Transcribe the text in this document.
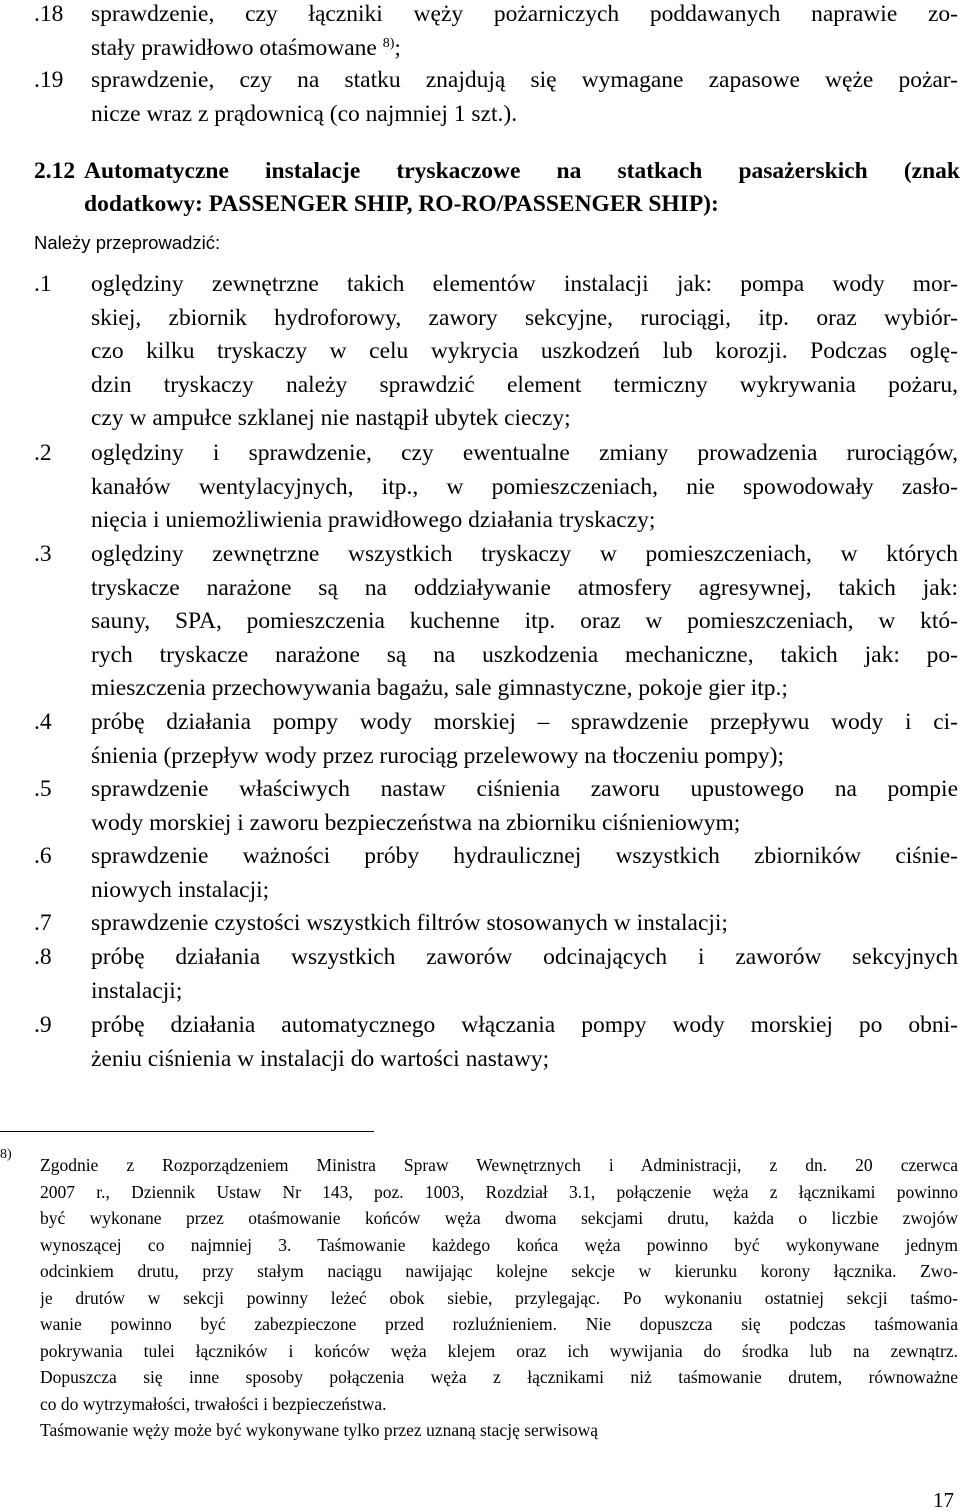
.18	sprawdzenie, czy łączniki węży pożarniczych poddawanych naprawie zo-
stały prawidłowo otaśmowane $^{8)}$;
.19	sprawdzenie, czy na statku znajdują się wymagane zapasowe węże pożar-
nicze wraz z prądownicą (co najmniej 1 szt.).
2.12 Automatyczne instalacje tryskaczowe na statkach pasażerskich (znak
dodatkowy: PASSENGER SHIP, RO-RO/PASSENGER SHIP):
Należy przeprowadzić:
.1	oględziny zewnętrzne takich elementów instalacji jak: pompa wody mor-
skiej, zbiornik hydroforowy, zawory sekcyjne, rurociągi, itp. oraz wybiór-
czo kilku tryskaczy w celu wykrycia uszkodzeń lub korozji. Podczas oglę-
dzin tryskaczy należy sprawdzić element termiczny wykrywania pożaru,
czy w ampułce szklanej nie nastąpił ubytek cieczy;
.2	oględziny i sprawdzenie, czy ewentualne zmiany prowadzenia rurociągów,
kanałów wentylacyjnych, itp., w pomieszczeniach, nie spowodowały zasło-
nięcia i uniemożliwienia prawidłowego działania tryskaczy;
.3	oględziny zewnętrzne wszystkich tryskaczy w pomieszczeniach, w których
tryskacze narażone są na oddziaływanie atmosfery agresywnej, takich jak:
sauny, SPA, pomieszczenia kuchenne itp. oraz w pomieszczeniach, w któ-
rych tryskacze narażone są na uszkodzenia mechaniczne, takich jak: po-
mieszczenia przechowywania bagażu, sale gimnastyczne, pokoje gier itp.;
.4	próbę działania pompy wody morskiej – sprawdzenie przepływu wody i ci-
śnienia (przepływ wody przez rurociąg przelewowy na tłoczeniu pompy);
.5	sprawdzenie właściwych nastaw ciśnienia zaworu upustowego na pompie
wody morskiej i zaworu bezpieczeństwa na zbiorniku ciśnieniowym;
.6	sprawdzenie ważności próby hydraulicznej wszystkich zbiorników ciśnie-
niowych instalacji;
.7	sprawdzenie czystości wszystkich filtrów stosowanych w instalacji;
.8	próbę działania wszystkich zaworów odcinających i zaworów sekcyjnych
instalacji;
.9	próbę działania automatycznego włączania pompy wody morskiej po obni-
żeniu ciśnienia w instalacji do wartości nastawy;
8)
Zgodnie z Rozporządzeniem Ministra Spraw Wewnętrznych i Administracji, z dn. 20 czerwca
2007 r., Dziennik Ustaw Nr 143, poz. 1003, Rozdział 3.1, połączenie węża z łącznikami powinno
być wykonane przez otaśmowanie końców węża dwoma sekcjami drutu, każda o liczbie zwojów
wynoszącej co najmniej 3. Taśmowanie każdego końca węża powinno być wykonywane jednym
odcinkiem drutu, przy stałym naciągu nawijając kolejne sekcje w kierunku korony łącznika. Zwo-
je drutów w sekcji powinny leżeć obok siebie, przylegając. Po wykonaniu ostatniej sekcji taśmo-
wanie powinno być zabezpieczone przed rozluźnieniem. Nie dopuszcza się podczas taśmowania
pokrywania tulei łączników i końców węża klejem oraz ich wywijania do środka lub na zewnątrz.
Dopuszcza się inne sposoby połączenia węża z łącznikami niż taśmowanie drutem, równoważne
co do wytrzymałości, trwałości i bezpieczeństwa.
Taśmowanie węży może być wykonywane tylko przez uznaną stację serwisową
17
